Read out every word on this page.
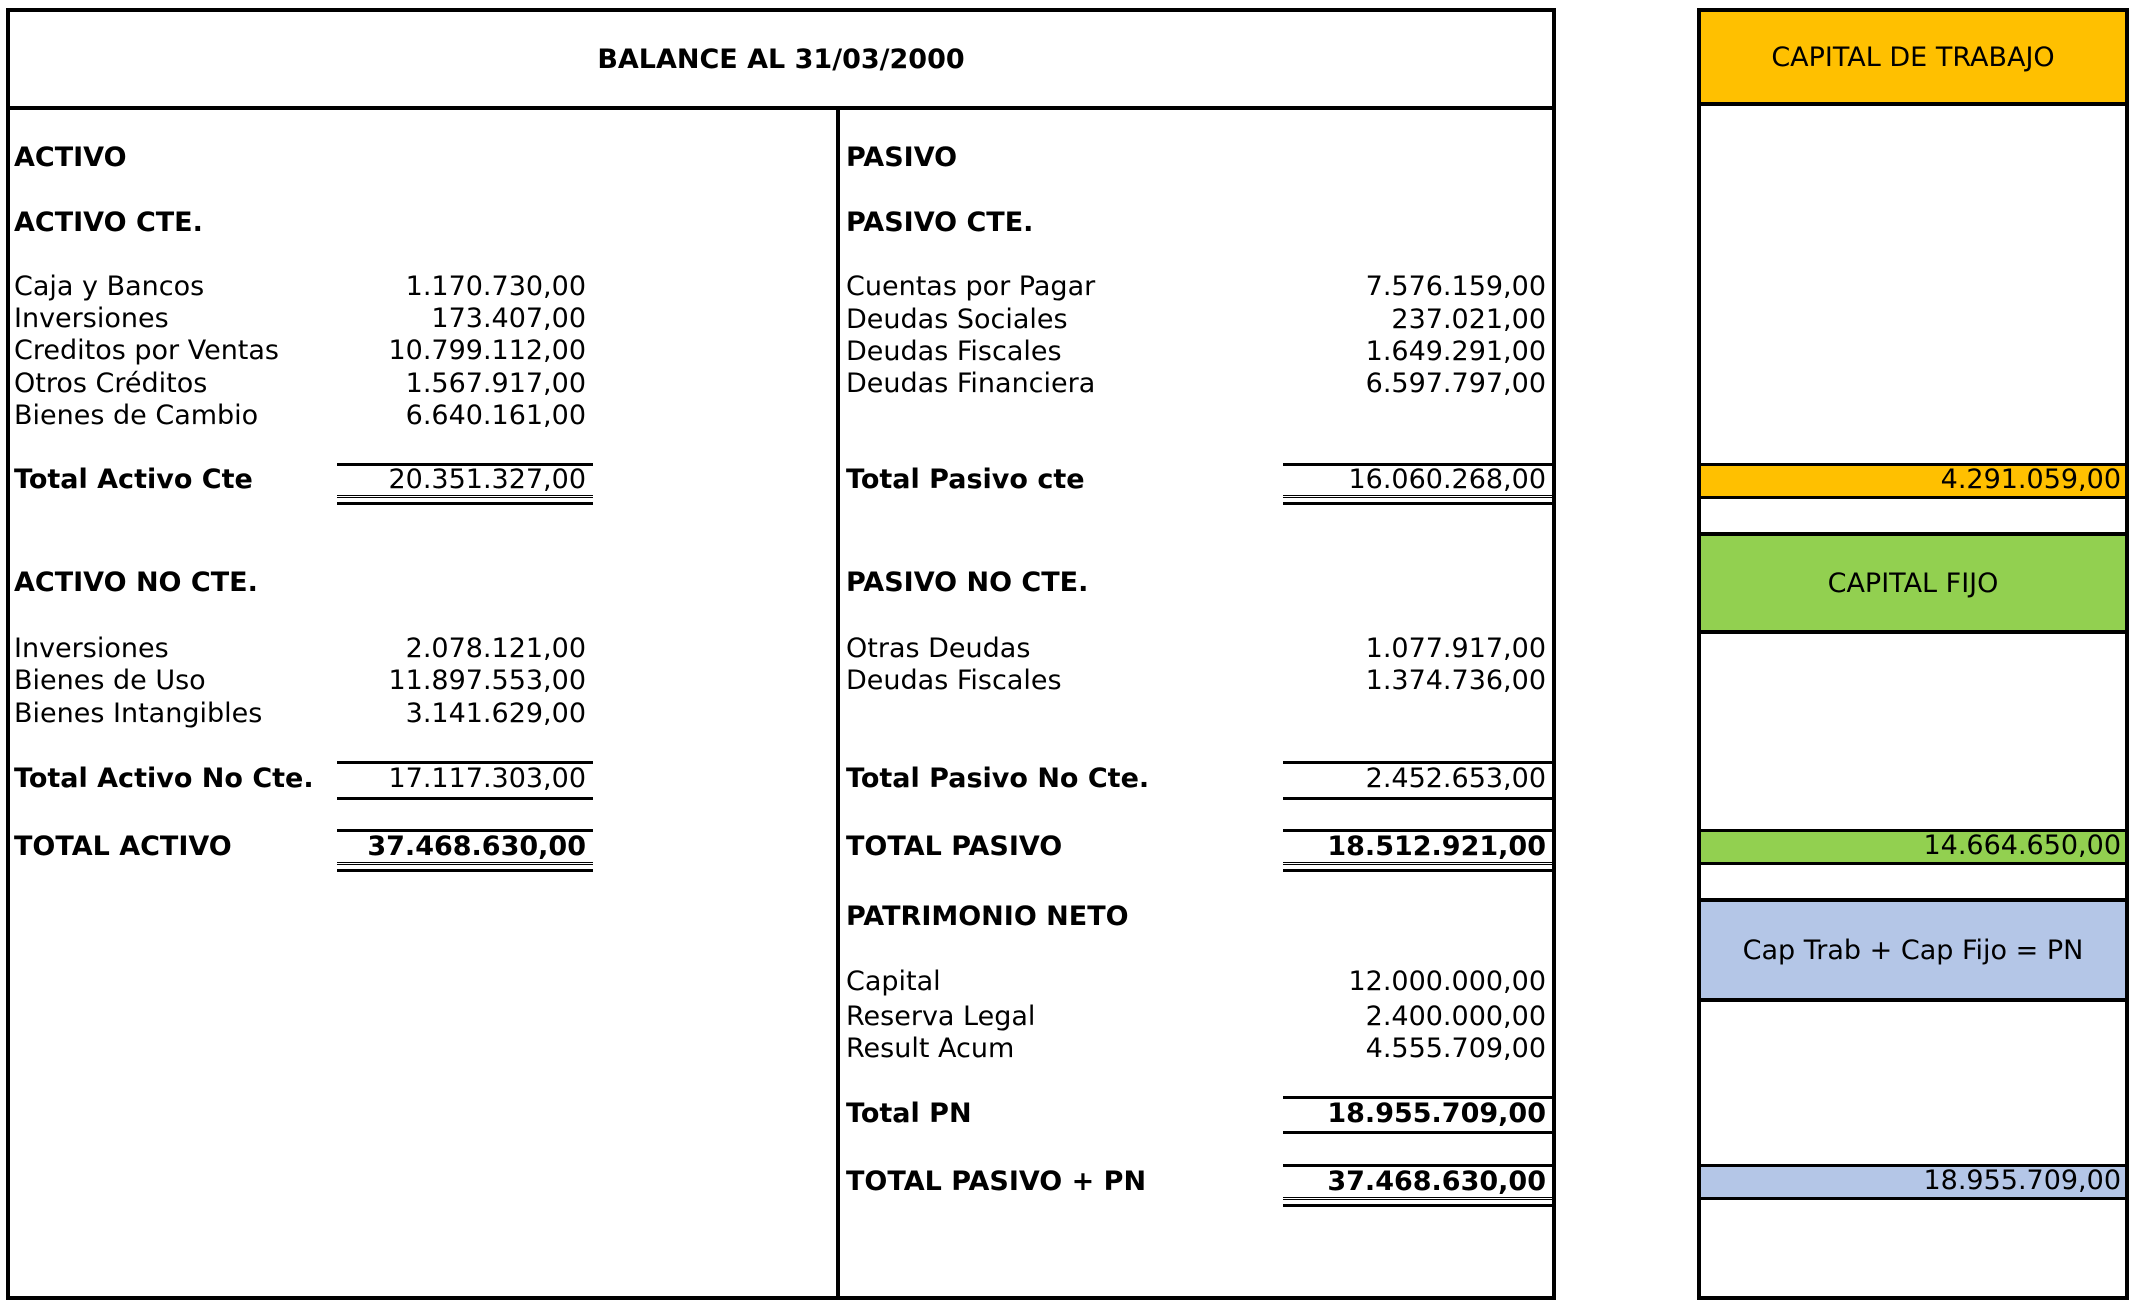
BALANCE AL 31/03/2000
ACTIVO
ACTIVO CTE.
Caja y Bancos	1.170.730,00
Inversiones	173.407,00
Creditos por Ventas	10.799.112,00
Otros Créditos	1.567.917,00
Bienes de Cambio	6.640.161,00
Total Activo Cte	20.351.327,00
ACTIVO NO CTE.
Inversiones	2.078.121,00
Bienes de Uso	11.897.553,00
Bienes Intangibles	3.141.629,00
Total Activo No Cte.	17.117.303,00
TOTAL ACTIVO	37.468.630,00
PASIVO
PASIVO CTE.
Cuentas por Pagar	7.576.159,00
Deudas Sociales	237.021,00
Deudas Fiscales	1.649.291,00
Deudas Financiera	6.597.797,00
Total Pasivo cte	16.060.268,00
PASIVO NO CTE.
Otras Deudas	1.077.917,00
Deudas Fiscales	1.374.736,00
Total Pasivo No Cte.	2.452.653,00
TOTAL PASIVO	18.512.921,00
PATRIMONIO NETO
Capital	12.000.000,00
Reserva Legal	2.400.000,00
Result Acum	4.555.709,00
Total PN	18.955.709,00
TOTAL PASIVO + PN	37.468.630,00
CAPITAL DE TRABAJO
4.291.059,00
CAPITAL FIJO
14.664.650,00
Cap Trab + Cap Fijo = PN
18.955.709,00
